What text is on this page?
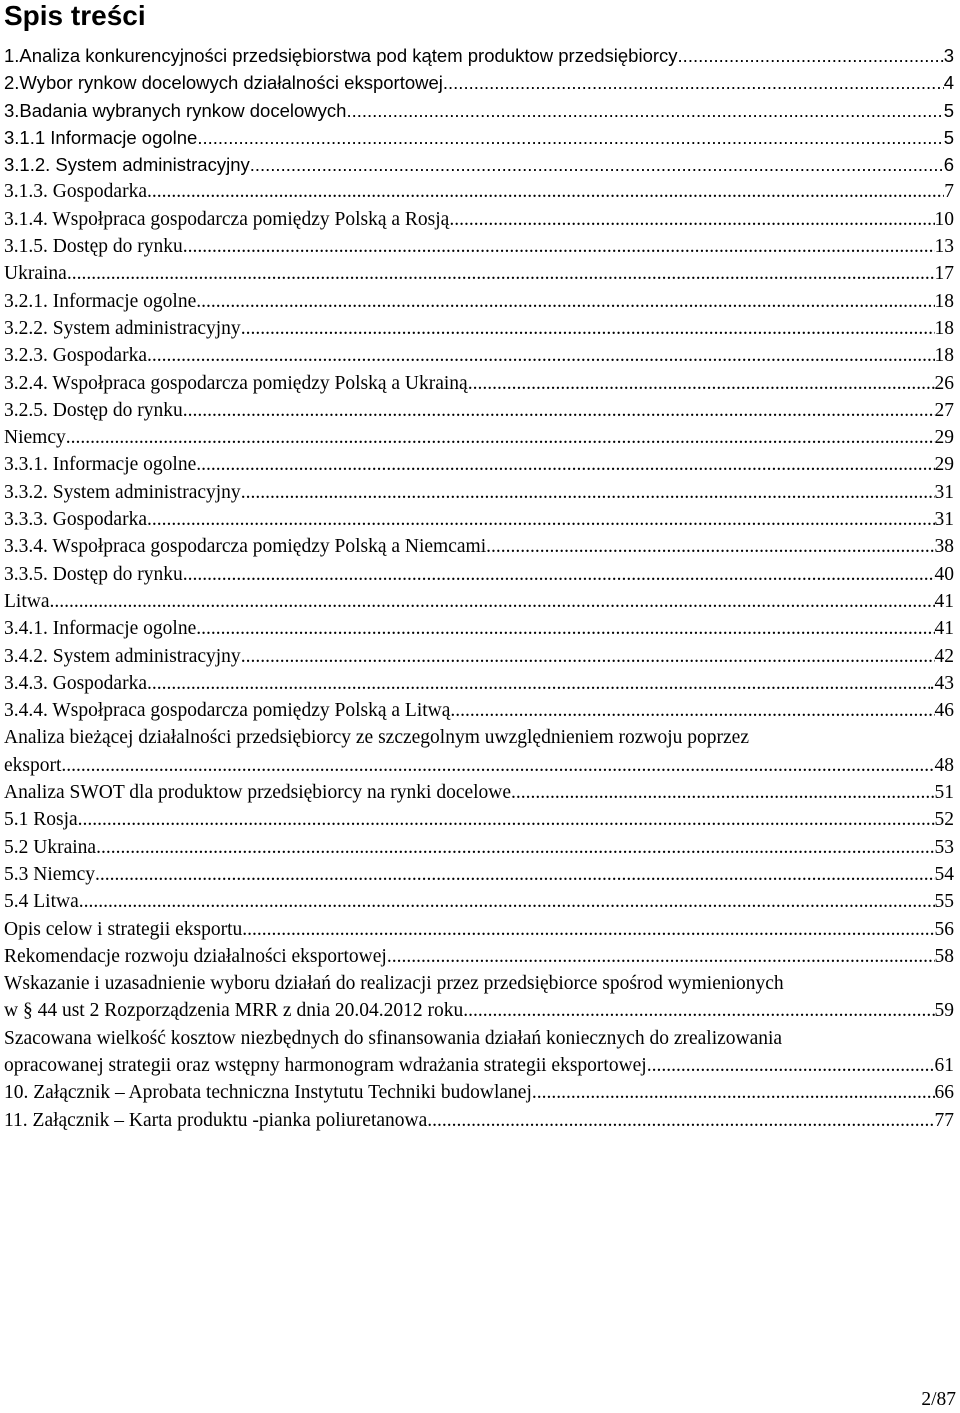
Spis treści
1.Analiza konkurencyjności przedsiębiorstwa pod kątem produktow przedsiębiorcy .....	3
2.Wybor rynkow docelowych działalności eksportowej .....	4
3.Badania wybranych rynkow docelowych .....	5
3.1.1 Informacje ogolne .....	5
3.1.2. System administracyjny .....	6
3.1.3. Gospodarka .....	7
3.1.4. Wspołpraca gospodarcza pomiędzy Polską a Rosją .....	10
3.1.5. Dostęp do rynku .....	13
Ukraina .....	17
3.2.1. Informacje ogolne .....	18
3.2.2. System administracyjny .....	18
3.2.3. Gospodarka .....	18
3.2.4. Wspołpraca gospodarcza pomiędzy Polską a Ukrainą .....	26
3.2.5. Dostęp do rynku .....	27
Niemcy .....	29
3.3.1. Informacje ogolne .....	29
3.3.2. System administracyjny .....	31
3.3.3. Gospodarka .....	31
3.3.4. Wspołpraca gospodarcza pomiędzy Polską a Niemcami .....	38
3.3.5. Dostęp do rynku .....	40
Litwa .....	41
3.4.1. Informacje ogolne .....	41
3.4.2. System administracyjny .....	42
3.4.3. Gospodarka .....	.43
3.4.4. Wspołpraca gospodarcza pomiędzy Polską a Litwą .....	46
Analiza bieżącej działalności przedsiębiorcy ze szczegolnym uwzględnieniem rozwoju poprzez
eksport .....	48
Analiza SWOT dla produktow przedsiębiorcy na rynki docelowe .....	51
5.1 Rosja .....	52
5.2 Ukraina .....	53
5.3 Niemcy .....	54
5.4 Litwa .....	55
Opis celow i strategii eksportu .....	56
Rekomendacje rozwoju działalności eksportowej .....	58
Wskazanie i uzasadnienie wyboru działań do realizacji przez przedsiębiorce spośrod wymienionych
w § 44 ust 2 Rozporządzenia MRR z dnia 20.04.2012 roku .....	59
Szacowana wielkość kosztow niezbędnych do sfinansowania działań koniecznych do zrealizowania
opracowanej strategii oraz wstępny harmonogram wdrażania strategii eksportowej .....	61
10. Załącznik – Aprobata techniczna Instytutu Techniki budowlanej .....	66
11. Załącznik – Karta produktu -pianka poliuretanowa .....	77
2/87
